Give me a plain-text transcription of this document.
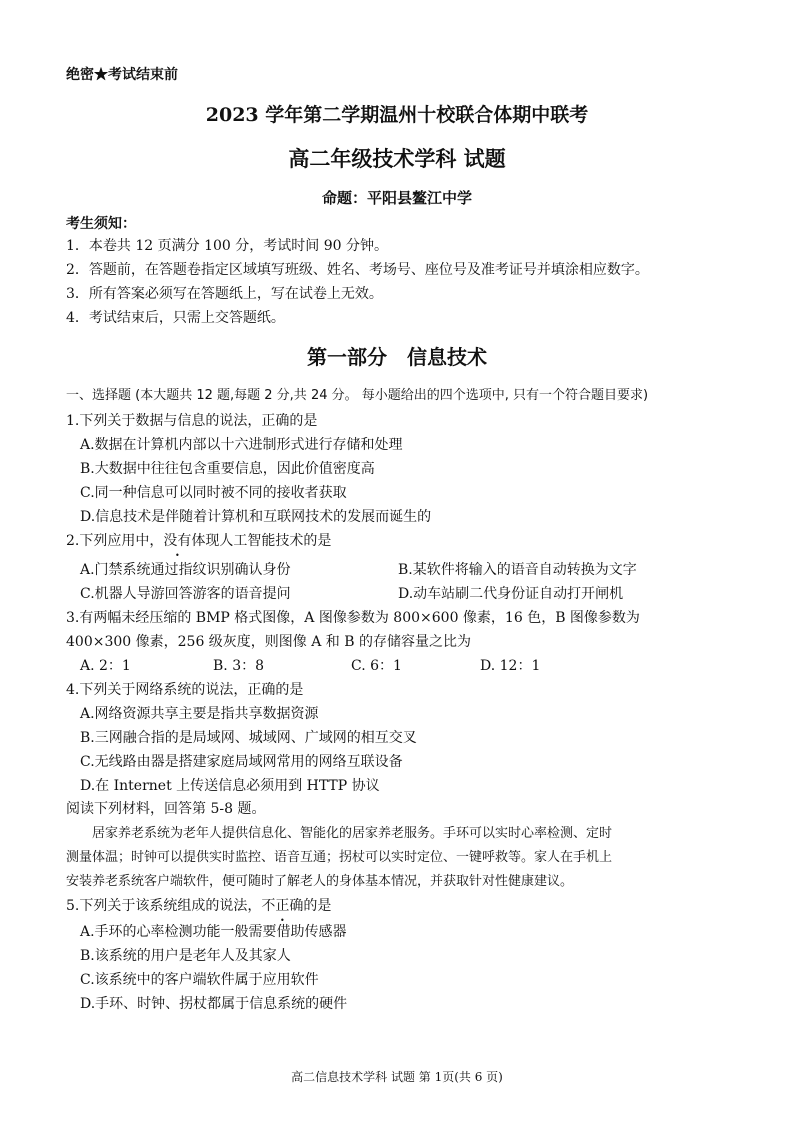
绝密★考试结束前
2023 学年第二学期温州十校联合体期中联考
高二年级技术学科 试题
命题：平阳县鳌江中学
考生须知：
1．本卷共 12 页满分 100 分，考试时间 90 分钟。
2．答题前，在答题卷指定区域填写班级、姓名、考场号、座位号及准考证号并填涂相应数字。
3．所有答案必须写在答题纸上，写在试卷上无效。
4．考试结束后，只需上交答题纸。
第一部分　信息技术
一、选择题 (本大题共 12 题,每题 2 分,共 24 分。 每小题给出的四个选项中, 只有一个符合题目要求)
1.下列关于数据与信息的说法，正确的是
A.数据在计算机内部以十六进制形式进行存储和处理
B.大数据中往往包含重要信息，因此价值密度高
C.同一种信息可以同时被不同的接收者获取
D.信息技术是伴随着计算机和互联网技术的发展而诞生的
2.下列应用中，没有体现人工智能技术的是
A.门禁系统通过指纹识别确认身份	B.某软件将输入的语音自动转换为文字
C.机器人导游回答游客的语音提问	D.动车站刷二代身份证自动打开闸机
3.有两幅未经压缩的 BMP 格式图像，A 图像参数为 800×600 像素，16 色，B 图像参数为
400×300 像素，256 级灰度，则图像 A 和 B 的存储容量之比为
A. 2：1	B. 3：8	C. 6：1	D. 12：1
4.下列关于网络系统的说法，正确的是
A.网络资源共享主要是指共享数据资源
B.三网融合指的是局域网、城域网、广域网的相互交叉
C.无线路由器是搭建家庭局域网常用的网络互联设备
D.在 Internet 上传送信息必须用到 HTTP 协议
阅读下列材料，回答第 5-8 题。
居家养老系统为老年人提供信息化、智能化的居家养老服务。手环可以实时心率检测、定时
测量体温；时钟可以提供实时监控、语音互通；拐杖可以实时定位、一键呼救等。家人在手机上
安装养老系统客户端软件，便可随时了解老人的身体基本情况，并获取针对性健康建议。
5.下列关于该系统组成的说法，不正确的是
A.手环的心率检测功能一般需要借助传感器
B.该系统的用户是老年人及其家人
C.该系统中的客户端软件属于应用软件
D.手环、时钟、拐杖都属于信息系统的硬件
高二信息技术学科 试题 第 1页(共 6 页)
